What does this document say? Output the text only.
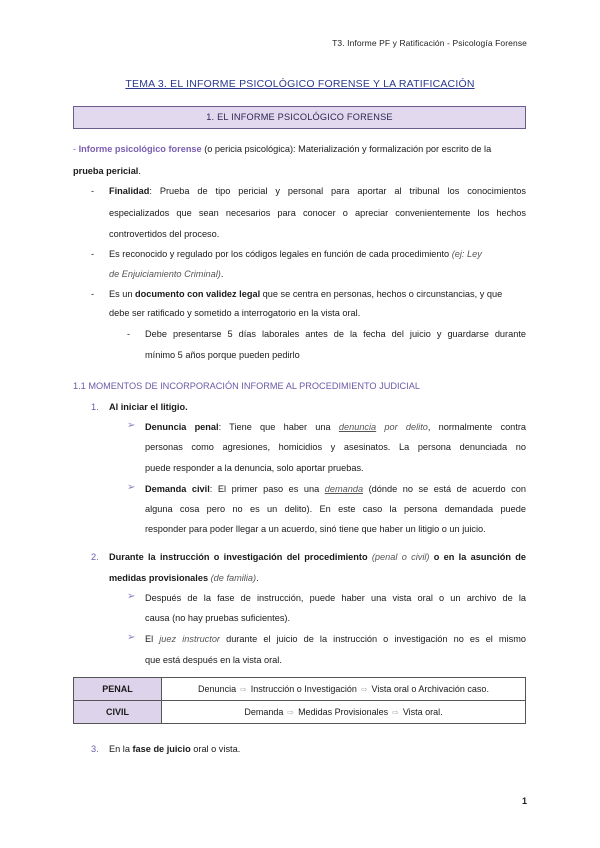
T3. Informe PF y Ratificación - Psicología Forense
TEMA 3. EL INFORME PSICOLÓGICO FORENSE Y LA RATIFICACIÓN
1. EL INFORME PSICOLÓGICO FORENSE
- Informe psicológico forense (o pericia psicológica): Materialización y formalización por escrito de la
prueba pericial.
- Finalidad: Prueba de tipo pericial y personal para aportar al tribunal los conocimientos
especializados que sean necesarios para conocer o apreciar convenientemente los hechos
controvertidos del proceso.
- Es reconocido y regulado por los códigos legales en función de cada procedimiento (ej: Ley
de Enjuiciamiento Criminal).
- Es un documento con validez legal que se centra en personas, hechos o circunstancias, y que
debe ser ratificado y sometido a interrogatorio en la vista oral.
- Debe presentarse 5 días laborales antes de la fecha del juicio y guardarse durante
mínimo 5 años porque pueden pedirlo
1.1 MOMENTOS DE INCORPORACIÓN INFORME AL PROCEDIMIENTO JUDICIAL
1. Al iniciar el litigio.
➢ Denuncia penal: Tiene que haber una denuncia por delito, normalmente contra
personas como agresiones, homicidios y asesinatos. La persona denunciada no
puede responder a la denuncia, solo aportar pruebas.
➢ Demanda civil: El primer paso es una demanda (dónde no se está de acuerdo con
alguna cosa pero no es un delito). En este caso la persona demandada puede
responder para poder llegar a un acuerdo, sinó tiene que haber un litigio o un juicio.
2. Durante la instrucción o investigación del procedimiento (penal o civil) o en la asunción de
medidas provisionales (de familia).
➢ Después de la fase de instrucción, puede haber una vista oral o un archivo de la
causa (no hay pruebas suficientes).
➢ El juez instructor durante el juicio de la instrucción o investigación no es el mismo
que está después en la vista oral.
PENAL	Denuncia ⇨ Instrucción o Investigación ⇨ Vista oral o Archivación caso.
CIVIL	Demanda ⇨ Medidas Provisionales ⇨ Vista oral.
3. En la fase de juicio oral o vista.
1
